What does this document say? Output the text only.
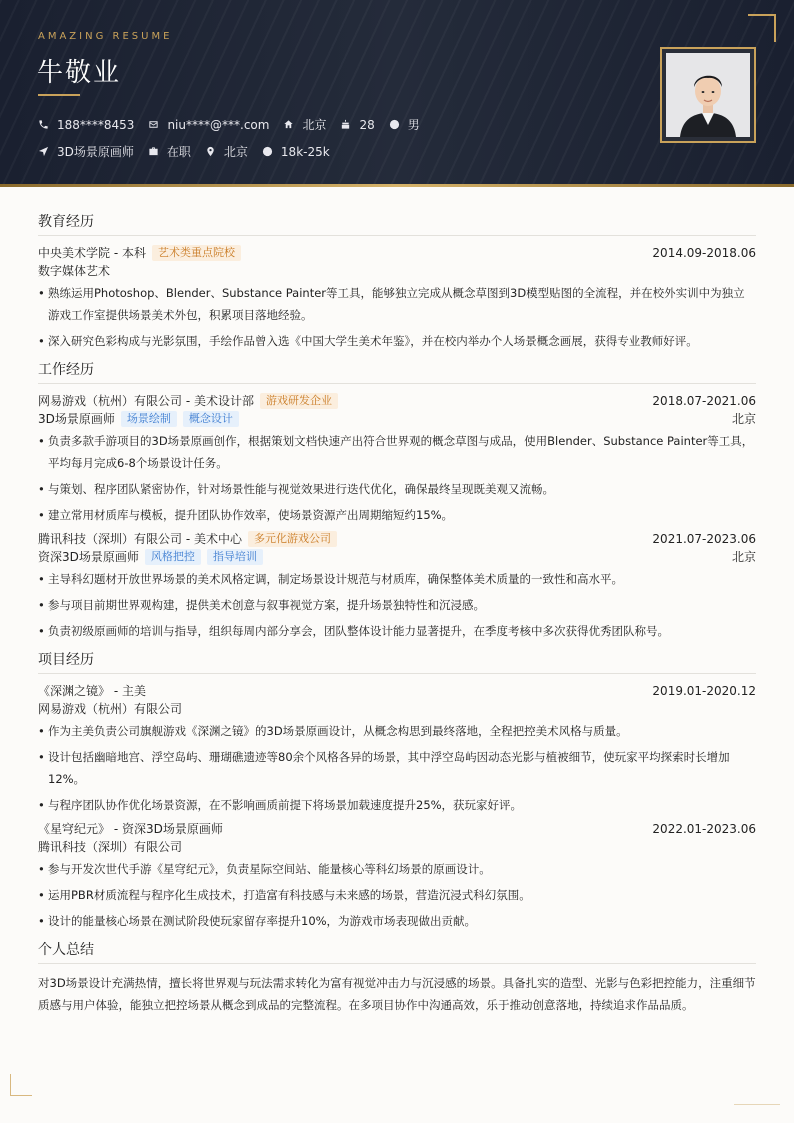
AMAZING RESUME
牛敬业
188****8453	niu****@***.com	北京	28	男
3D场景原画师	在职	北京	18k-25k
教育经历
中央美术学院 - 本科	艺术类重点院校	2014.09-2018.06
数字媒体艺术
• 熟练运用Photoshop、Blender、Substance Painter等工具，能够独立完成从概念草图到3D模型贴图的全流程，并在校外实训中为独立游戏工作室提供场景美术外包，积累项目落地经验。
• 深入研究色彩构成与光影氛围，手绘作品曾入选《中国大学生美术年鉴》，并在校内举办个人场景概念画展，获得专业教师好评。
工作经历
网易游戏（杭州）有限公司 - 美术设计部	游戏研发企业	2018.07-2021.06
3D场景原画师	场景绘制	概念设计	北京
• 负责多款手游项目的3D场景原画创作，根据策划文档快速产出符合世界观的概念草图与成品，使用Blender、Substance Painter等工具，平均每月完成6-8个场景设计任务。
• 与策划、程序团队紧密协作，针对场景性能与视觉效果进行迭代优化，确保最终呈现既美观又流畅。
• 建立常用材质库与模板，提升团队协作效率，使场景资源产出周期缩短约15%。
腾讯科技（深圳）有限公司 - 美术中心	多元化游戏公司	2021.07-2023.06
资深3D场景原画师	风格把控	指导培训	北京
• 主导科幻题材开放世界场景的美术风格定调，制定场景设计规范与材质库，确保整体美术质量的一致性和高水平。
• 参与项目前期世界观构建，提供美术创意与叙事视觉方案，提升场景独特性和沉浸感。
• 负责初级原画师的培训与指导，组织每周内部分享会，团队整体设计能力显著提升，在季度考核中多次获得优秀团队称号。
项目经历
《深渊之镜》 - 主美	2019.01-2020.12
网易游戏（杭州）有限公司
• 作为主美负责公司旗舰游戏《深渊之镜》的3D场景原画设计，从概念构思到最终落地，全程把控美术风格与质量。
• 设计包括幽暗地宫、浮空岛屿、珊瑚礁遗迹等80余个风格各异的场景，其中浮空岛屿因动态光影与植被细节，使玩家平均探索时长增加12%。
• 与程序团队协作优化场景资源，在不影响画质前提下将场景加载速度提升25%，获玩家好评。
《星穹纪元》 - 资深3D场景原画师	2022.01-2023.06
腾讯科技（深圳）有限公司
• 参与开发次世代手游《星穹纪元》，负责星际空间站、能量核心等科幻场景的原画设计。
• 运用PBR材质流程与程序化生成技术，打造富有科技感与未来感的场景，营造沉浸式科幻氛围。
• 设计的能量核心场景在测试阶段使玩家留存率提升10%，为游戏市场表现做出贡献。
个人总结
对3D场景设计充满热情，擅长将世界观与玩法需求转化为富有视觉冲击力与沉浸感的场景。具备扎实的造型、光影与色彩把控能力，注重细节质感与用户体验，能独立把控场景从概念到成品的完整流程。在多项目协作中沟通高效，乐于推动创意落地，持续追求作品品质。
